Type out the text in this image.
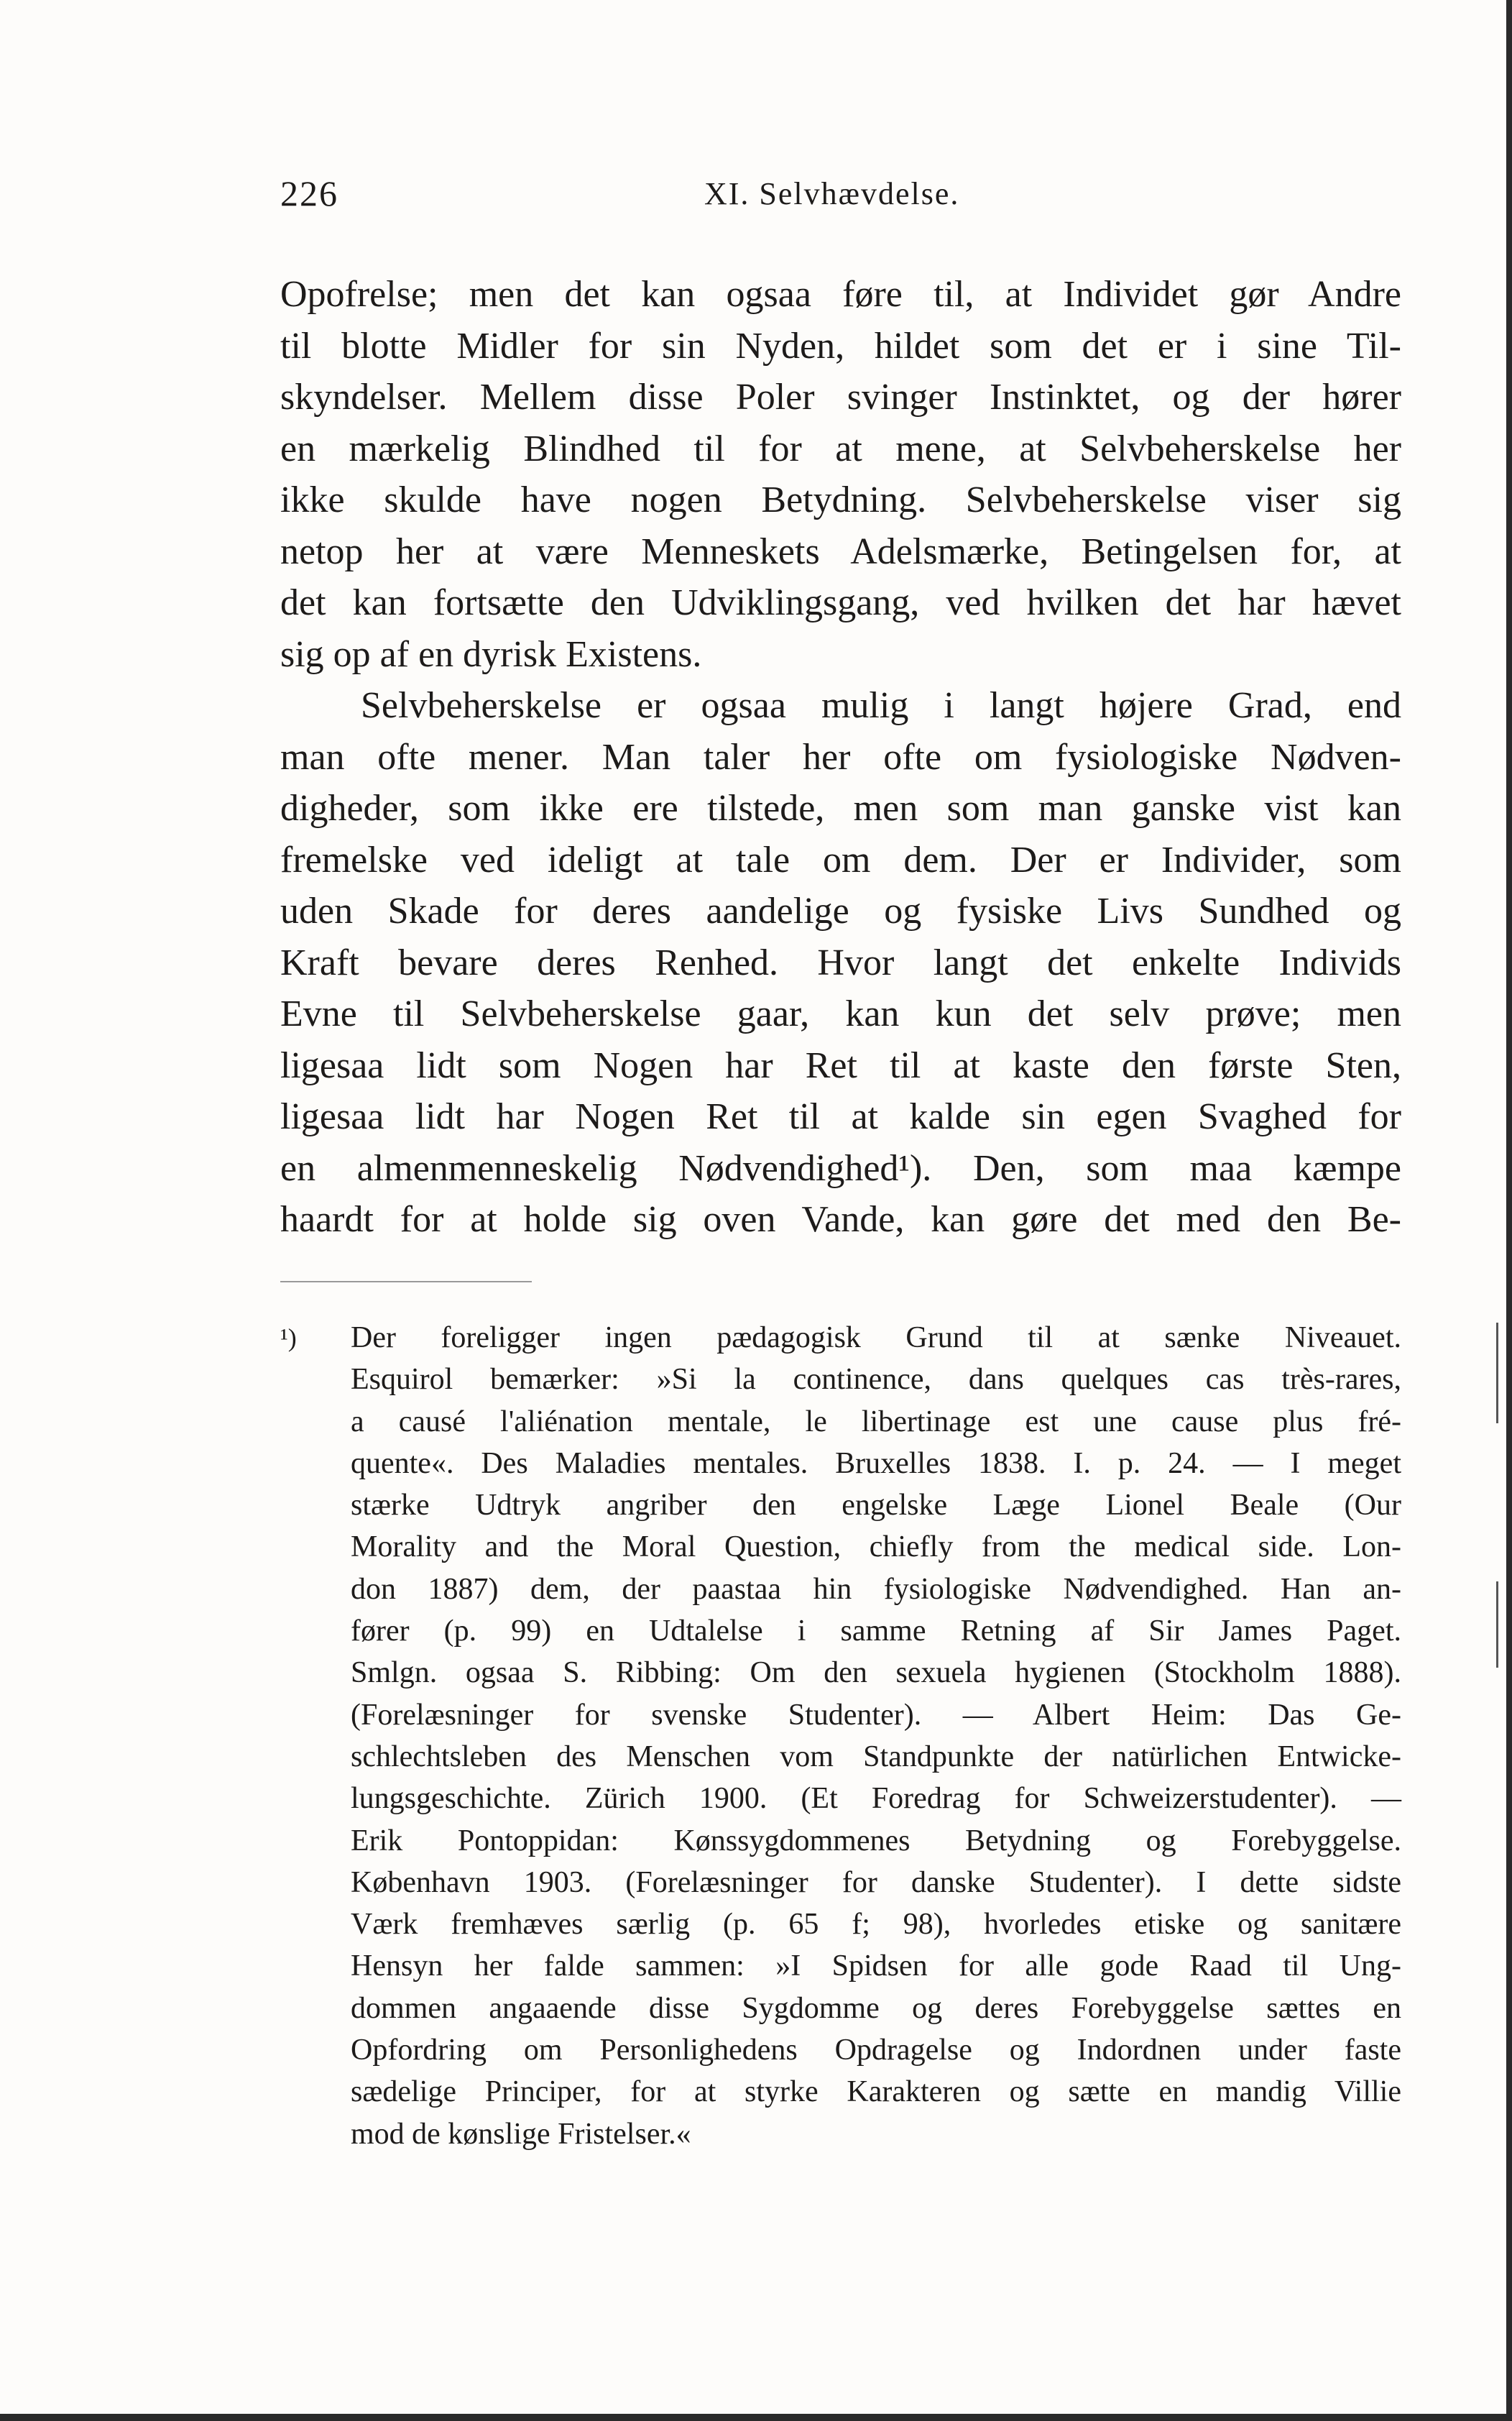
226	XI. Selvhævdelse.
Opofrelse; men det kan ogsaa føre til, at Individet gør Andre
til blotte Midler for sin Nyden, hildet som det er i sine Til-
skyndelser. Mellem disse Poler svinger Instinktet, og der hører
en mærkelig Blindhed til for at mene, at Selvbeherskelse her
ikke skulde have nogen Betydning. Selvbeherskelse viser sig
netop her at være Menneskets Adelsmærke, Betingelsen for, at
det kan fortsætte den Udviklingsgang, ved hvilken det har hævet
sig op af en dyrisk Existens.
Selvbeherskelse er ogsaa mulig i langt højere Grad, end
man ofte mener. Man taler her ofte om fysiologiske Nødven-
digheder, som ikke ere tilstede, men som man ganske vist kan
fremelske ved ideligt at tale om dem. Der er Individer, som
uden Skade for deres aandelige og fysiske Livs Sundhed og
Kraft bevare deres Renhed. Hvor langt det enkelte Individs
Evne til Selvbeherskelse gaar, kan kun det selv prøve; men
ligesaa lidt som Nogen har Ret til at kaste den første Sten,
ligesaa lidt har Nogen Ret til at kalde sin egen Svaghed for
en almenmenneskelig Nødvendighed¹). Den, som maa kæmpe
haardt for at holde sig oven Vande, kan gøre det med den Be-
¹) Der foreligger ingen pædagogisk Grund til at sænke Niveauet.
Esquirol bemærker: »Si la continence, dans quelques cas très-rares,
a causé l'aliénation mentale, le libertinage est une cause plus fré-
quente«. Des Maladies mentales. Bruxelles 1838. I. p. 24. — I meget
stærke Udtryk angriber den engelske Læge Lionel Beale (Our
Morality and the Moral Question, chiefly from the medical side. Lon-
don 1887) dem, der paastaa hin fysiologiske Nødvendighed. Han an-
fører (p. 99) en Udtalelse i samme Retning af Sir James Paget.
Smlgn. ogsaa S. Ribbing: Om den sexuela hygienen (Stockholm 1888).
(Forelæsninger for svenske Studenter). — Albert Heim: Das Ge-
schlechtsleben des Menschen vom Standpunkte der natürlichen Entwicke-
lungsgeschichte. Zürich 1900. (Et Foredrag for Schweizerstudenter). —
Erik Pontoppidan: Kønssygdommenes Betydning og Forebyggelse.
København 1903. (Forelæsninger for danske Studenter). I dette sidste
Værk fremhæves særlig (p. 65 f; 98), hvorledes etiske og sanitære
Hensyn her falde sammen: »I Spidsen for alle gode Raad til Ung-
dommen angaaende disse Sygdomme og deres Forebyggelse sættes en
Opfordring om Personlighedens Opdragelse og Indordnen under faste
sædelige Principer, for at styrke Karakteren og sætte en mandig Villie
mod de kønslige Fristelser.«
